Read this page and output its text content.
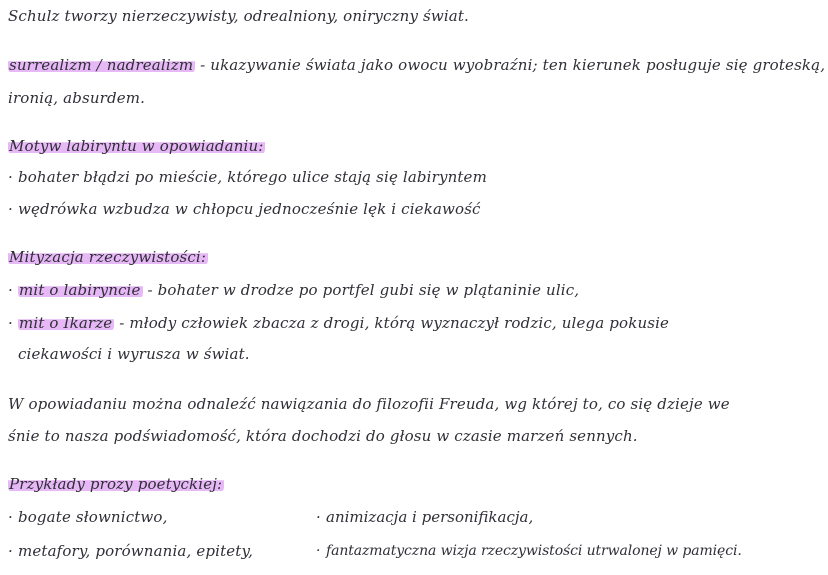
Schulz tworzy nierzeczywisty, odrealniony, oniryczny świat.
surrealizm / nadrealizm - ukazywanie świata jako owocu wyobraźni; ten kierunek posługuje się groteską,
ironią, absurdem.
Motyw labiryntu w opowiadaniu:
· bohater błądzi po mieście, którego ulice stają się labiryntem
· wędrówka wzbudza w chłopcu jednocześnie lęk i ciekawość
Mityzacja rzeczywistości:
· mit o labiryncie - bohater w drodze po portfel gubi się w plątaninie ulic,
· mit o Ikarze - młody człowiek zbacza z drogi, którą wyznaczył rodzic, ulega pokusie
ciekawości i wyrusza w świat.
W opowiadaniu można odnaleźć nawiązania do filozofii Freuda, wg której to, co się dzieje we
śnie to nasza podświadomość, która dochodzi do głosu w czasie marzeń sennych.
Przykłady prozy poetyckiej:
· bogate słownictwo,
· metafory, porównania, epitety,
· animizacja i personifikacja,
· fantazmatyczna wizja rzeczywistości utrwalonej w pamięci.
